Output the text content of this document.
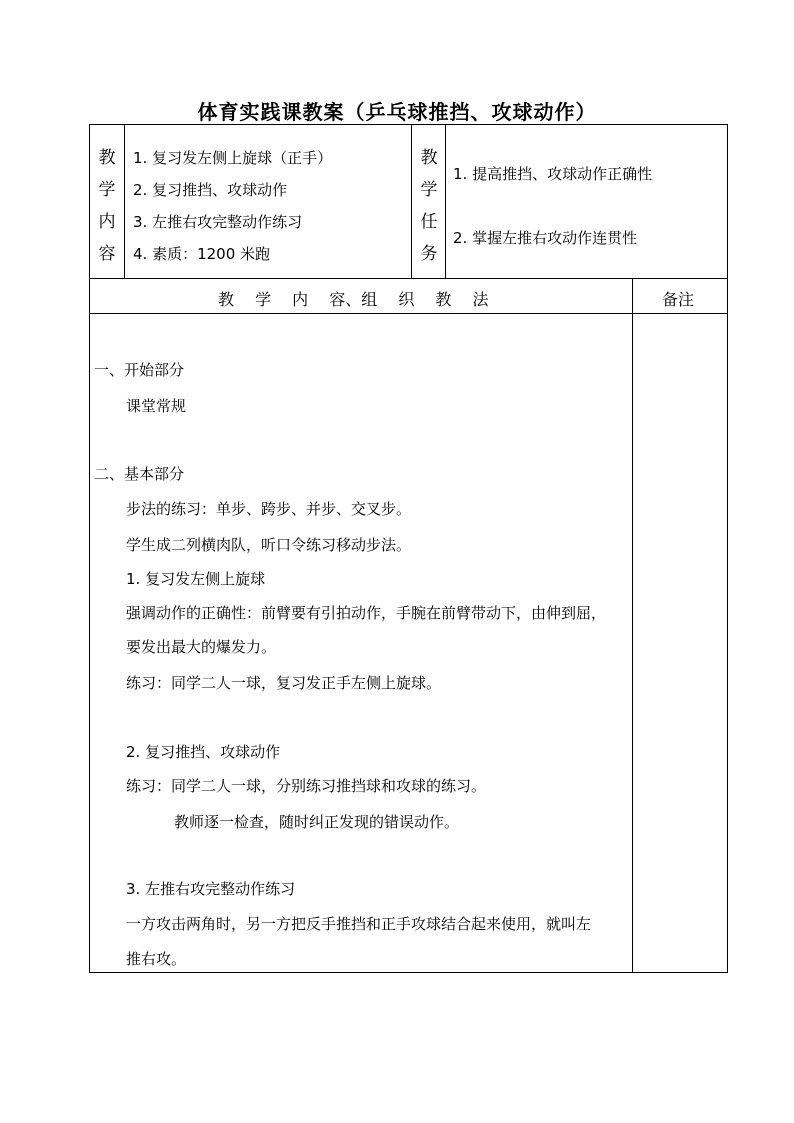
体育实践课教案（乒乓球推挡、攻球动作）
教
学
内
容
1. 复习发左侧上旋球（正手）
2. 复习推挡、攻球动作
3. 左推右攻完整动作练习
4. 素质：1200 米跑
教
学
任
务
1. 提高推挡、攻球动作正确性
2. 掌握左推右攻动作连贯性
教　 学　 内　 容、组　 织　 教　 法	备注
一、开始部分
课堂常规
二、基本部分
步法的练习：单步、跨步、并步、交叉步。
学生成二列横肉队，听口令练习移动步法。
1. 复习发左侧上旋球
强调动作的正确性：前臂要有引拍动作，手腕在前臂带动下，由伸到屈，
要发出最大的爆发力。
练习：同学二人一球，复习发正手左侧上旋球。
2. 复习推挡、攻球动作
练习：同学二人一球，分别练习推挡球和攻球的练习。
教师逐一检查，随时纠正发现的错误动作。
3. 左推右攻完整动作练习
一方攻击两角时，另一方把反手推挡和正手攻球结合起来使用，就叫左
推右攻。
